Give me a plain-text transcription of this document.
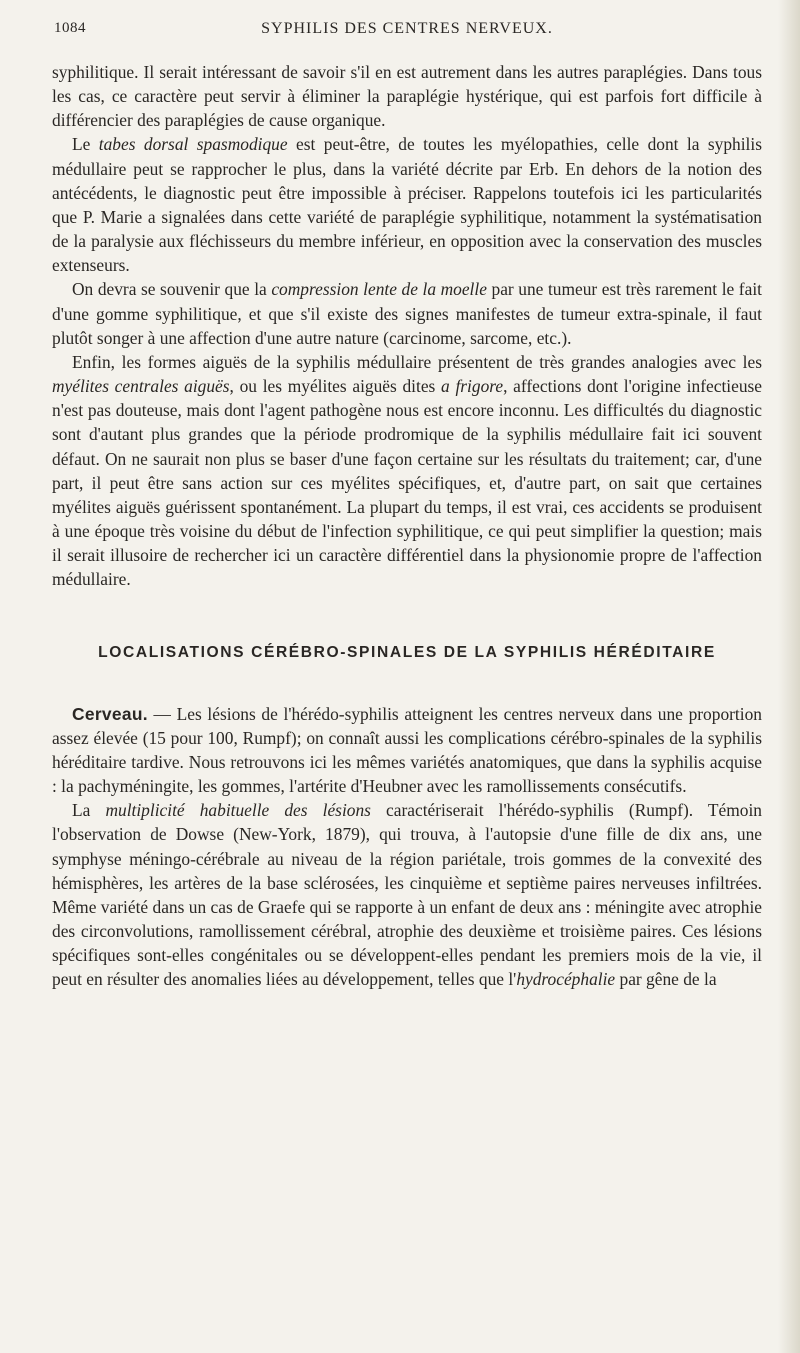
1084	SYPHILIS DES CENTRES NERVEUX.

syphilitique. Il serait intéressant de savoir s'il en est autrement dans les autres paraplégies. Dans tous les cas, ce caractère peut servir à éliminer la paraplégie hystérique, qui est parfois fort difficile à différencier des paraplégies de cause organique.

Le tabes dorsal spasmodique est peut-être, de toutes les myélopathies, celle dont la syphilis médullaire peut se rapprocher le plus, dans la variété décrite par Erb. En dehors de la notion des antécédents, le diagnostic peut être impossible à préciser. Rappelons toutefois ici les particularités que P. Marie a signalées dans cette variété de paraplégie syphilitique, notamment la systématisation de la paralysie aux fléchisseurs du membre inférieur, en opposition avec la conservation des muscles extenseurs.

On devra se souvenir que la compression lente de la moelle par une tumeur est très rarement le fait d'une gomme syphilitique, et que s'il existe des signes manifestes de tumeur extra-spinale, il faut plutôt songer à une affection d'une autre nature (carcinome, sarcome, etc.).

Enfin, les formes aiguës de la syphilis médullaire présentent de très grandes analogies avec les myélites centrales aiguës, ou les myélites aiguës dites a frigore, affections dont l'origine infectieuse n'est pas douteuse, mais dont l'agent pathogène nous est encore inconnu. Les difficultés du diagnostic sont d'autant plus grandes que la période prodromique de la syphilis médullaire fait ici souvent défaut. On ne saurait non plus se baser d'une façon certaine sur les résultats du traitement; car, d'une part, il peut être sans action sur ces myélites spécifiques, et, d'autre part, on sait que certaines myélites aiguës guérissent spontanément. La plupart du temps, il est vrai, ces accidents se produisent à une époque très voisine du début de l'infection syphilitique, ce qui peut simplifier la question; mais il serait illusoire de rechercher ici un caractère différentiel dans la physionomie propre de l'affection médullaire.

LOCALISATIONS CÉRÉBRO-SPINALES DE LA SYPHILIS HÉRÉDITAIRE

Cerveau. — Les lésions de l'hérédo-syphilis atteignent les centres nerveux dans une proportion assez élevée (15 pour 100, Rumpf); on connaît aussi les complications cérébro-spinales de la syphilis héréditaire tardive. Nous retrouvons ici les mêmes variétés anatomiques, que dans la syphilis acquise : la pachyméningite, les gommes, l'artérite d'Heubner avec les ramollissements consécutifs.

La multiplicité habituelle des lésions caractériserait l'hérédo-syphilis (Rumpf). Témoin l'observation de Dowse (New-York, 1879), qui trouva, à l'autopsie d'une fille de dix ans, une symphyse méningo-cérébrale au niveau de la région pariétale, trois gommes de la convexité des hémisphères, les artères de la base sclérosées, les cinquième et septième paires nerveuses infiltrées. Même variété dans un cas de Graefe qui se rapporte à un enfant de deux ans : méningite avec atrophie des circonvolutions, ramollissement cérébral, atrophie des deuxième et troisième paires. Ces lésions spécifiques sont-elles congénitales ou se développent-elles pendant les premiers mois de la vie, il peut en résulter des anomalies liées au développement, telles que l'hydrocéphalie par gêne de la
